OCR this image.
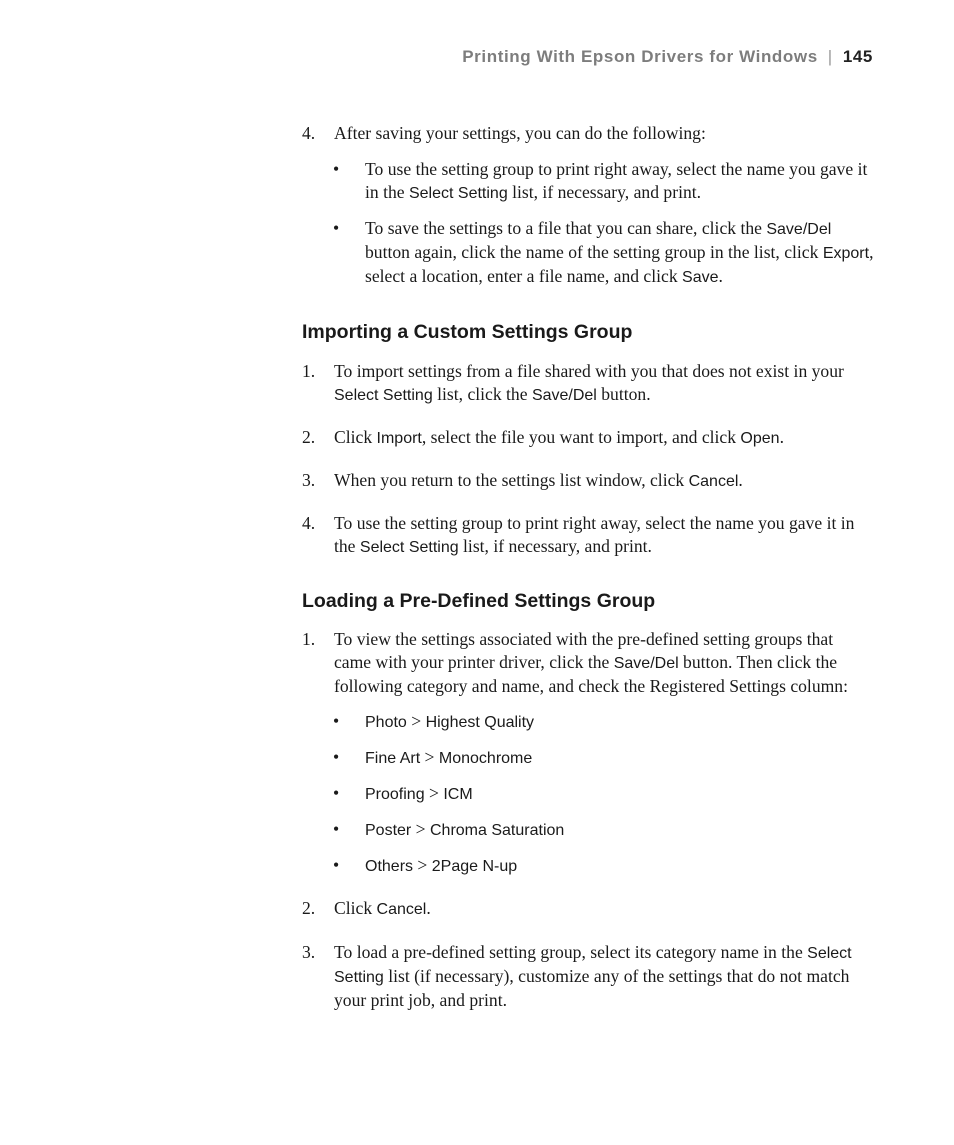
Printing With Epson Drivers for Windows | 145
4. After saving your settings, you can do the following:
• To use the setting group to print right away, select the name you gave it in the Select Setting list, if necessary, and print.
• To save the settings to a file that you can share, click the Save/Del button again, click the name of the setting group in the list, click Export, select a location, enter a file name, and click Save.
Importing a Custom Settings Group
1. To import settings from a file shared with you that does not exist in your Select Setting list, click the Save/Del button.
2. Click Import, select the file you want to import, and click Open.
3. When you return to the settings list window, click Cancel.
4. To use the setting group to print right away, select the name you gave it in the Select Setting list, if necessary, and print.
Loading a Pre-Defined Settings Group
1. To view the settings associated with the pre-defined setting groups that came with your printer driver, click the Save/Del button. Then click the following category and name, and check the Registered Settings column:
• Photo > Highest Quality
• Fine Art > Monochrome
• Proofing > ICM
• Poster > Chroma Saturation
• Others > 2Page N-up
2. Click Cancel.
3. To load a pre-defined setting group, select its category name in the Select Setting list (if necessary), customize any of the settings that do not match your print job, and print.
